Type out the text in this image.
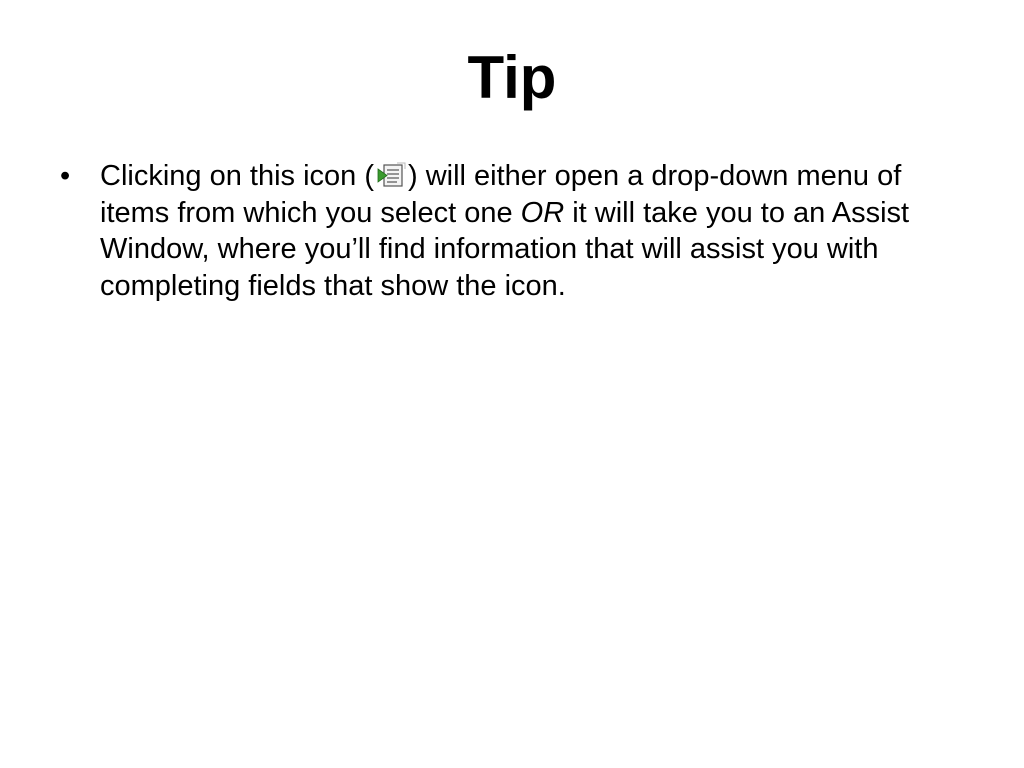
Tip
• Clicking on this icon ( ) will either open a drop-down menu of items from which you select one OR it will take you to an Assist Window, where you’ll find information that will assist you with completing fields that show the icon.
